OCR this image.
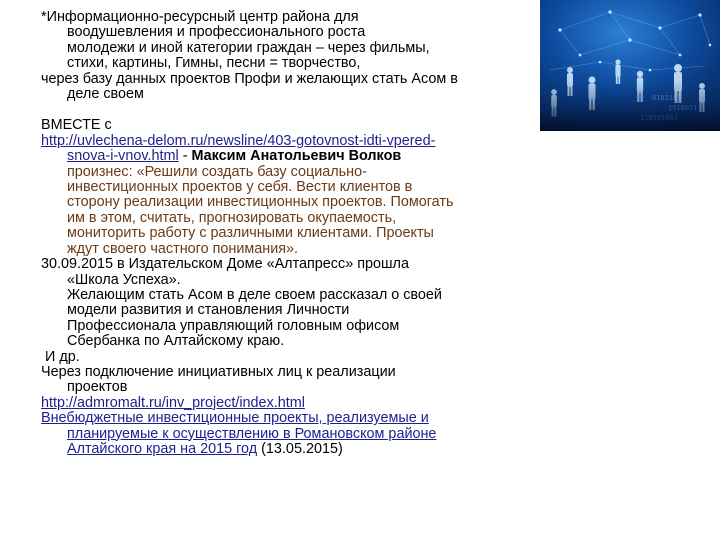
*Информационно-ресурсный центр района для
воодушевления и профессионального роста
молодежи и иной категории граждан – через фильмы,
стихи, картины, Гимны, песни = творчество,

через базу данных проектов Профи и желающих стать Асом в
деле своем

ВМЕСТЕ с

http://uvlechena-delom.ru/newsline/403-gotovnost-idti-vpered-
snova-i-vnov.html - Максим Анатольевич Волков
произнес: «Решили создать базу социально-
инвестиционных проектов у себя. Вести клиентов в
сторону реализации инвестиционных проектов. Помогать
им в этом, считать, прогнозировать окупаемость,
мониторить работу с различными клиентами. Проекты
ждут своего частного понимания».

30.09.2015 в Издательском Доме «Алтапресс» прошла
«Школа Успеха».
Желающим стать Асом в деле своем рассказал о своей
модели развития и становления Личности
Профессионала управляющий головным офисом
Сбербанка по Алтайскому краю.

И др.

Через подключение инициативных лиц к реализации
проектов

http://admromalt.ru/inv_project/index.html

Внебюджетные инвестиционные проекты, реализуемые и
планируемые к осуществлению в Романовском районе
Алтайского края на 2015 год (13.05.2015)
